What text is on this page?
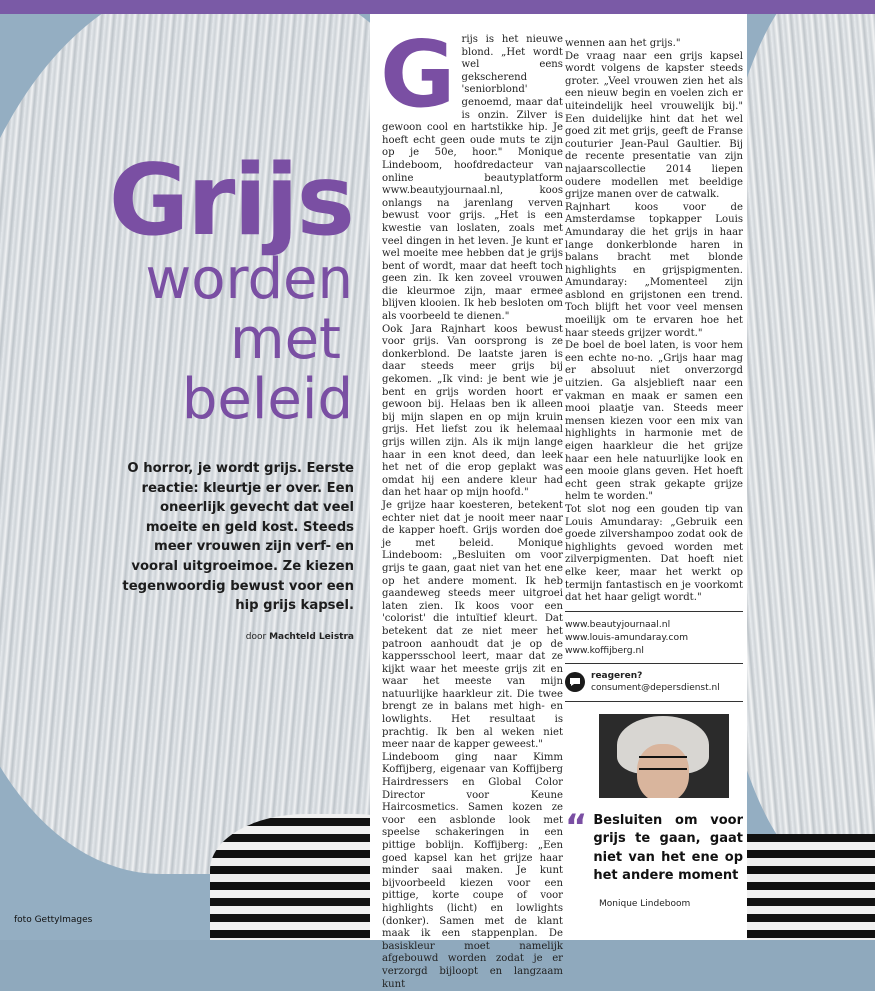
Grijs
worden
met
beleid
O horror, je wordt grijs. Eerste reactie: kleurtje er over. Een oneerlijk gevecht dat veel moeite en geld kost. Steeds meer vrouwen zijn verf- en vooral uitgroeimoe. Ze kiezen tegenwoordig bewust voor een hip grijs kapsel.
door Machteld Leistra
foto GettyImages

Grijs is het nieuwe blond. „Het wordt wel eens gekscherend 'seniorblond' genoemd, maar dat is onzin. Zilver is gewoon cool en hartstikke hip. Je hoeft echt geen oude muts te zijn op je 50e, hoor." Monique Lindeboom, hoofdredacteur van online beautyplatform www.beautyjournaal.nl, koos onlangs na jarenlang verven bewust voor grijs. „Het is een kwestie van loslaten, zoals met veel dingen in het leven. Je kunt er wel moeite mee hebben dat je grijs bent of wordt, maar dat heeft toch geen zin. Ik ken zoveel vrouwen die kleurmoe zijn, maar ermee blijven klooien. Ik heb besloten om als voorbeeld te dienen."

Ook Jara Rajnhart koos bewust voor grijs. Van oorsprong is ze donkerblond. De laatste jaren is daar steeds meer grijs bij gekomen. „Ik vind: je bent wie je bent en grijs worden hoort er gewoon bij. Helaas ben ik alleen bij mijn slapen en op mijn kruin grijs. Het liefst zou ik helemaal grijs willen zijn. Als ik mijn lange haar in een knot deed, dan leek het net of die erop geplakt was omdat hij een andere kleur had dan het haar op mijn hoofd."

Je grijze haar koesteren, betekent echter niet dat je nooit meer naar de kapper hoeft. Grijs worden doe je met beleid. Monique Lindeboom: „Besluiten om voor grijs te gaan, gaat niet van het ene op het andere moment. Ik heb gaandeweg steeds meer uitgroei laten zien. Ik koos voor een 'colorist' die intuïtief kleurt. Dat betekent dat ze niet meer het patroon aanhoudt dat je op de kappersschool leert, maar dat ze kijkt waar het meeste grijs zit en waar het meeste van mijn natuurlijke haarkleur zit. Die twee brengt ze in balans met high- en lowlights. Het resultaat is prachtig. Ik ben al weken niet meer naar de kapper geweest."

Lindeboom ging naar Kimm Koffijberg, eigenaar van Koffijberg Hairdressers en Global Color Director voor Keune Haircosmetics. Samen kozen ze voor een asblonde look met speelse schakeringen in een pittige boblijn. Koffijberg: „Een goed kapsel kan het grijze haar minder saai maken. Je kunt bijvoorbeeld kiezen voor een pittige, korte coupe of voor highlights (licht) en lowlights (donker). Samen met de klant maak ik een stappenplan. De basiskleur moet namelijk afgebouwd worden zodat je er verzorgd bijloopt en langzaam kunt

wennen aan het grijs."

De vraag naar een grijs kapsel wordt volgens de kapster steeds groter. „Veel vrouwen zien het als een nieuw begin en voelen zich er uiteindelijk heel vrouwelijk bij." Een duidelijke hint dat het wel goed zit met grijs, geeft de Franse couturier Jean-Paul Gaultier. Bij de recente presentatie van zijn najaarscollectie 2014 liepen oudere modellen met beeldige grijze manen over de catwalk.

Rajnhart koos voor de Amsterdamse topkapper Louis Amundaray die het grijs in haar lange donkerblonde haren in balans bracht met blonde highlights en grijspigmenten. Amundaray: „Momenteel zijn asblond en grijstonen een trend. Toch blijft het voor veel mensen moeilijk om te ervaren hoe het haar steeds grijzer wordt."

De boel de boel laten, is voor hem een echte no-no. „Grijs haar mag er absoluut niet onverzorgd uitzien. Ga alsjeblieft naar een vakman en maak er samen een mooi plaatje van. Steeds meer mensen kiezen voor een mix van highlights in harmonie met de eigen haarkleur die het grijze haar een hele natuurlijke look en een mooie glans geven. Het hoeft echt geen strak gekapte grijze helm te worden."

Tot slot nog een gouden tip van Louis Amundaray: „Gebruik een goede zilvershampoo zodat ook de highlights gevoed worden met zilverpigmenten. Dat hoeft niet elke keer, maar het werkt op termijn fantastisch en je voorkomt dat het haar geligt wordt."

www.beautyjournaal.nl
www.louis-amundaray.com
www.koffijberg.nl
reageren?
consument@depersdienst.nl
“ Besluiten om voor grijs te gaan, gaat niet van het ene op het andere moment
Monique Lindeboom
